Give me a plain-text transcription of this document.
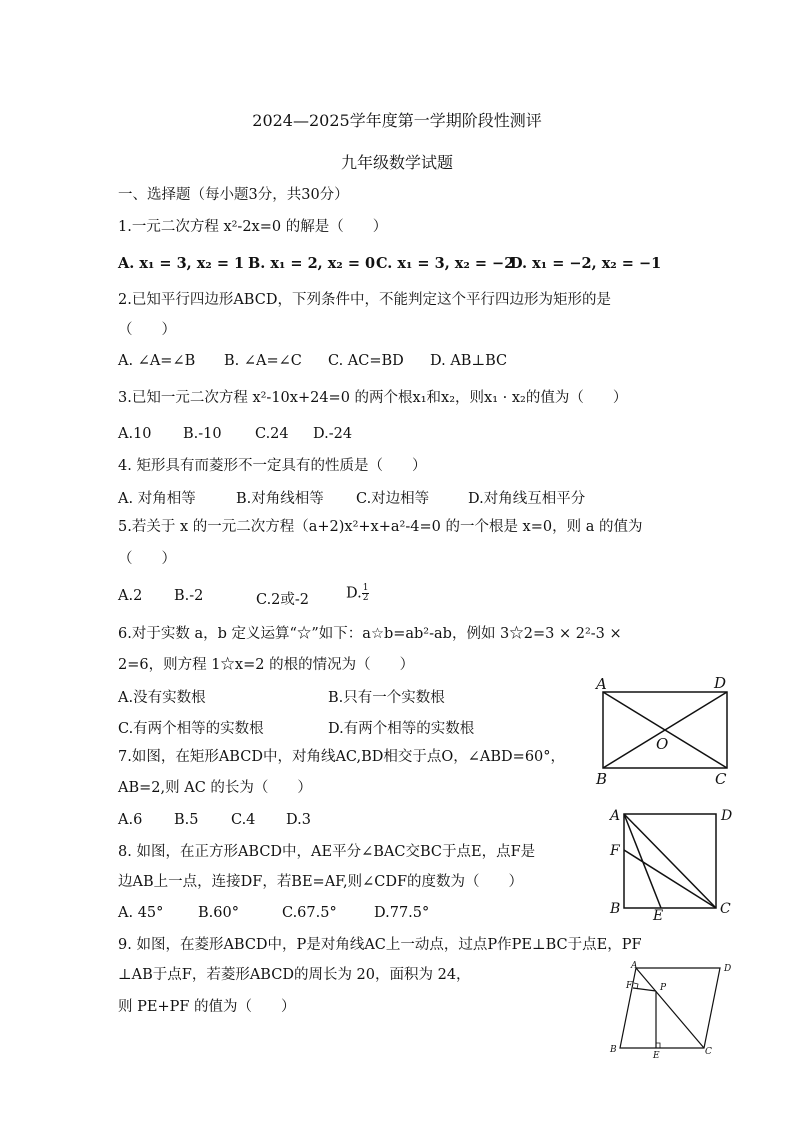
2024—2025学年度第一学期阶段性测评
九年级数学试题
一、选择题（每小题3分，共30分）
1.一元二次方程 x²-2x=0 的解是（　　）
A. x₁ = 3, x₂ = 1 B. x₁ = 2, x₂ = 0 C. x₁ = 3, x₂ = −2
D. x₁ = −2, x₂ = −1
2.已知平行四边形ABCD，下列条件中，不能判定这个平行四边形为矩形的是
（　　）
A. ∠A=∠B B. ∠A=∠C C. AC=BD D. AB⊥BC
3.已知一元二次方程 x²-10x+24=0 的两个根x₁和x₂，则x₁ · x₂的值为（　　）
A.10 B.-10 C.24 D.-24
4. 矩形具有而菱形不一定具有的性质是（　　）
A. 对角相等	B.对角线相等 C.对边相等	D.对角线互相平分
5.若关于 x 的一元二次方程（a+2)x²+x+a²-4=0 的一个根是 x=0，则 a 的值为
（　　）
A.2 B.-2	C.2或-2	D. $\frac{1}{2}$
6.对于实数 a，b 定义运算“☆”如下：a☆b=ab²-ab，例如 3☆2=3 × 2²-3 ×
2=6，则方程 1☆x=2 的根的情况为（　　）
A.没有实数根	B.只有一个实数根
C.有两个相等的实数根	D.有两个相等的实数根
7.如图，在矩形ABCD中，对角线AC,BD相交于点O，∠ABD=60°，
AB=2,则 AC 的长为（　　）
A.6 B.5 C.4 D.3
8. 如图，在正方形ABCD中，AE平分∠BAC交BC于点E，点F是
边AB上一点，连接DF，若BE=AF,则∠CDF的度数为（　　）
A. 45° B.60°	C.67.5°	D.77.5°
9. 如图，在菱形ABCD中，P是对角线AC上一动点，过点P作PE⊥BC于点E，PF
⊥AB于点F，若菱形ABCD的周长为 20，面积为 24，
则 PE+PF 的值为（　　）
A	D
O
B	C
A	D
F
B E	C
A	D
F	P
B
E	C
